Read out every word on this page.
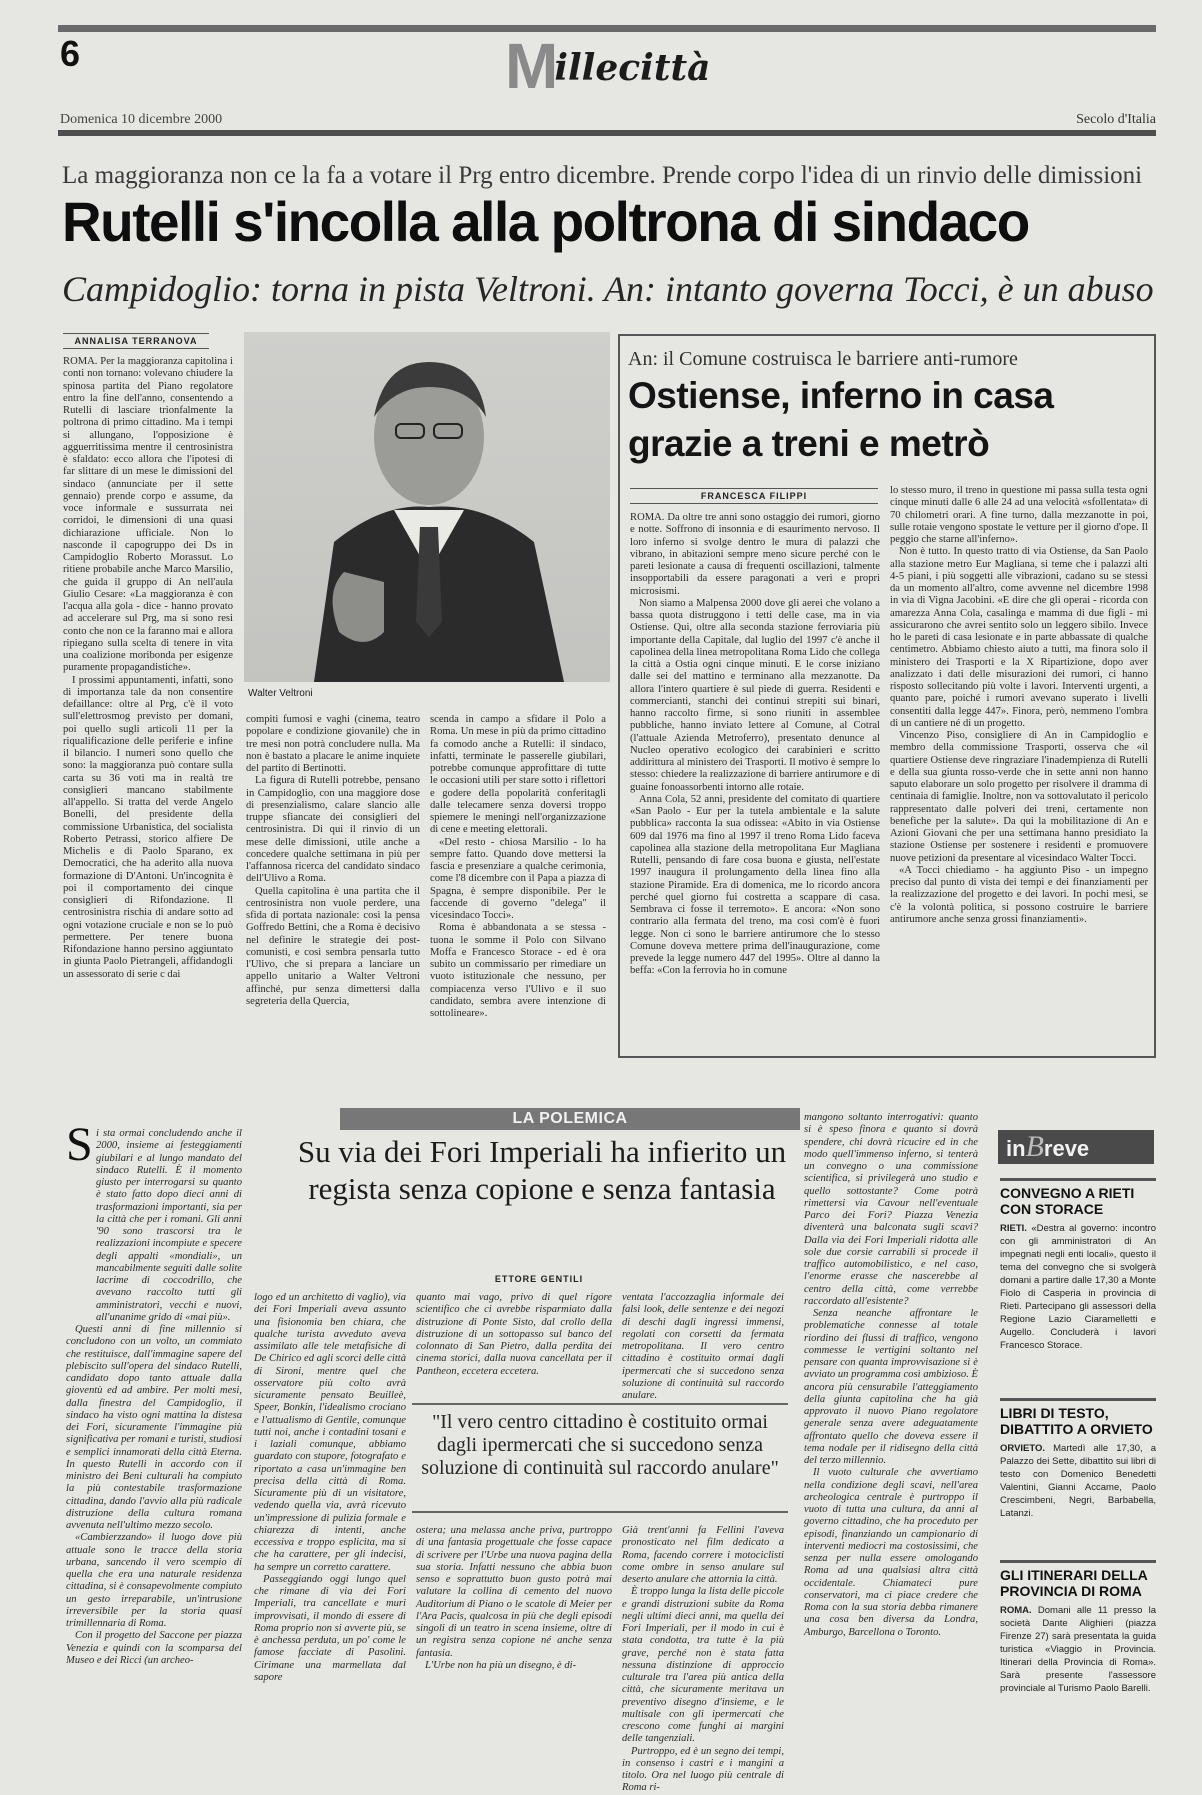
6	Millecittà
Domenica 10 dicembre 2000	Secolo d'Italia
La maggioranza non ce la fa a votare il Prg entro dicembre. Prende corpo l'idea di un rinvio delle dimissioni
Rutelli s'incolla alla poltrona di sindaco
Campidoglio: torna in pista Veltroni. An: intanto governa Tocci, è un abuso
ANNALISA TERRANOVA

ROMA. Per la maggioranza capitolina i conti non tornano: volevano chiudere la spinosa partita del Piano regolatore entro la fine dell'anno, consentendo a Rutelli di lasciare trionfalmente la poltrona di primo cittadino. Ma i tempi si allungano, l'opposizione è agguerritissima mentre il centrosinistra è sfaldato: ecco allora che l'ipotesi di far slittare di un mese le dimissioni del sindaco (annunciate per il sette gennaio) prende corpo e assume, da voce informale e sussurrata nei corridoi, le dimensioni di una quasi dichiarazione ufficiale. Non lo nasconde il capogruppo dei Ds in Campidoglio Roberto Morassut. Lo ritiene probabile anche Marco Marsilio, che guida il gruppo di An nell'aula Giulio Cesare: «La maggioranza è con l'acqua alla gola - dice - hanno provato ad accelerare sul Prg, ma si sono resi conto che non ce la faranno mai e allora ripiegano sulla scelta di tenere in vita una coalizione moribonda per esigenze puramente propagandistiche».

I prossimi appuntamenti, infatti, sono di importanza tale da non consentire defaillance: oltre al Prg, c'è il voto sull'elettrosmog previsto per domani, poi quello sugli articoli 11 per la riqualificazione delle periferie e infine il bilancio. I numeri sono quello che sono: la maggioranza può contare sulla carta su 36 voti ma in realtà tre consiglieri mancano stabilmente all'appello. Si tratta del verde Angelo Bonelli, del presidente della commissione Urbanistica, del socialista Roberto Petrassi, storico alfiere De Michelis e di Paolo Sparano, ex Democratici, che ha aderito alla nuova formazione di D'Antoni. Un'incognita è poi il comportamento dei cinque consiglieri di Rifondazione. Il centrosinistra rischia di andare sotto ad ogni votazione cruciale e non se lo può permettere. Per tenere buona Rifondazione hanno persino aggiuntato in giunta Paolo Pietrangeli, affidandogli un assessorato di serie c dai

Walter Veltroni

compiti fumosi e vaghi (cinema, teatro popolare e condizione giovanile) che in tre mesi non potrà concludere nulla. Ma non è bastato a placare le anime inquiete del partito di Bertinotti.

La figura di Rutelli potrebbe, pensano in Campidoglio, con una maggiore dose di presenzialismo, calare slancio alle truppe sfiancate dei consiglieri del centrosinistra. Di qui il rinvio di un mese delle dimissioni, utile anche a concedere qualche settimana in più per l'affannosa ricerca del candidato sindaco dell'Ulivo a Roma.

Quella capitolina è una partita che il centrosinistra non vuole perdere, una sfida di portata nazionale: così la pensa Goffredo Bettini, che a Roma è decisivo nel definire le strategie dei post-comunisti, e così sembra pensarla tutto l'Ulivo, che si prepara a lanciare un appello unitario a Walter Veltroni affinché, pur senza dimettersi dalla segreteria della Quercia,

scenda in campo a sfidare il Polo a Roma. Un mese in più da primo cittadino fa comodo anche a Rutelli: il sindaco, infatti, terminate le passerelle giubilari, potrebbe comunque approfittare di tutte le occasioni utili per stare sotto i riflettori e godere della popolarità conferitagli dalle telecamere senza doversi troppo spiemere le meningi nell'organizzazione di cene e meeting elettorali.

«Del resto - chiosa Marsilio - lo ha sempre fatto. Quando dove mettersi la fascia e presenziare a qualche cerimonia, come l'8 dicembre con il Papa a piazza di Spagna, è sempre disponibile. Per le faccende di governo "delega" il vicesindaco Tocci».

Roma è abbandonata a se stessa - tuona le somme il Polo con Silvano Moffa e Francesco Storace - ed è ora subito un commissario per rimediare un vuoto istituzionale che nessuno, per compiacenza verso l'Ulivo e il suo candidato, sembra avere intenzione di sottolineare».

An: il Comune costruisca le barriere anti-rumore
Ostiense, inferno in casa grazie a treni e metrò
FRANCESCA FILIPPI

ROMA. Da oltre tre anni sono ostaggio dei rumori, giorno e notte. Soffrono di insonnia e di esaurimento nervoso. Il loro inferno si svolge dentro le mura di palazzi che vibrano, in abitazioni sempre meno sicure perché con le pareti lesionate a causa di frequenti oscillazioni, talmente insopportabili da essere paragonati a veri e propri microsismi.

Non siamo a Malpensa 2000 dove gli aerei che volano a bassa quota distruggono i tetti delle case, ma in via Ostiense. Qui, oltre alla seconda stazione ferroviaria più importante della Capitale, dal luglio del 1997 c'è anche il capolinea della linea metropolitana Roma Lido che collega la città a Ostia ogni cinque minuti. E le corse iniziano dalle sei del mattino e terminano alla mezzanotte. Da allora l'intero quartiere è sul piede di guerra. Residenti e commercianti, stanchi dei continui strepiti sui binari, hanno raccolto firme, si sono riuniti in assemblee pubbliche, hanno inviato lettere al Comune, al Cotral (l'attuale Azienda Metroferro), presentato denunce al Nucleo operativo ecologico dei carabinieri e scritto addirittura al ministero dei Trasporti. Il motivo è sempre lo stesso: chiedere la realizzazione di barriere antirumore e di guaine fonoassorbenti intorno alle rotaie.

Anna Cola, 52 anni, presidente del comitato di quartiere «San Paolo - Eur per la tutela ambientale e la salute pubblica» racconta la sua odissea: «Abito in via Ostiense 609 dal 1976 ma fino al 1997 il treno Roma Lido faceva capolinea alla stazione della metropolitana Eur Magliana Rutelli, pensando di fare cosa buona e giusta, nell'estate 1997 inaugura il prolungamento della linea fino alla stazione Piramide. Era di domenica, me lo ricordo ancora perché quel giorno fui costretta a scappare di casa. Sembrava ci fosse il terremoto». E ancora: «Non sono contrario alla fermata del treno, ma così com'è è fuori legge. Non ci sono le barriere antirumore che lo stesso Comune doveva mettere prima dell'inaugurazione, come prevede la legge numero 447 del 1995». Oltre al danno la beffa: «Con la ferrovia ho in comune

lo stesso muro, il treno in questione mi passa sulla testa ogni cinque minuti dalle 6 alle 24 ad una velocità «sfollentata» di 70 chilometri orari. A fine turno, dalla mezzanotte in poi, sulle rotaie vengono spostate le vetture per il giorno d'ope. Il peggio che starne all'inferno».

Non è tutto. In questo tratto di via Ostiense, da San Paolo alla stazione metro Eur Magliana, si teme che i palazzi alti 4-5 piani, i più soggetti alle vibrazioni, cadano su se stessi da un momento all'altro, come avvenne nel dicembre 1998 in via di Vigna Jacobini. «E dire che gli operai - ricorda con amarezza Anna Cola, casalinga e mamma di due figli - mi assicurarono che avrei sentito solo un leggero sibilo. Invece ho le pareti di casa lesionate e in parte abbassate di qualche centimetro. Abbiamo chiesto aiuto a tutti, ma finora solo il ministero dei Trasporti e la X Ripartizione, dopo aver analizzato i dati delle misurazioni dei rumori, ci hanno risposto sollecitando più volte i lavori. Interventi urgenti, a quanto pare, poiché i rumori avevano superato i livelli consentiti dalla legge 447». Finora, però, nemmeno l'ombra di un cantiere né di un progetto.

Vincenzo Piso, consigliere di An in Campidoglio e membro della commissione Trasporti, osserva che «il quartiere Ostiense deve ringraziare l'inadempienza di Rutelli e della sua giunta rosso-verde che in sette anni non hanno saputo elaborare un solo progetto per risolvere il dramma di centinaia di famiglie. Inoltre, non va sottovalutato il pericolo rappresentato dalle polveri dei treni, certamente non benefiche per la salute». Da qui la mobilitazione di An e Azioni Giovani che per una settimana hanno presidiato la stazione Ostiense per sostenere i residenti e promuovere nuove petizioni da presentare al vicesindaco Walter Tocci.

«A Tocci chiediamo - ha aggiunto Piso - un impegno preciso dal punto di vista dei tempi e dei finanziamenti per la realizzazione del progetto e dei lavori. In pochi mesi, se c'è la volontà politica, si possono costruire le barriere antirumore anche senza grossi finanziamenti».

LA POLEMICA
Su via dei Fori Imperiali ha infierito un regista senza copione e senza fantasia
ETTORE GENTILI
S i sta ormai concludendo anche il 2000, insieme ai festeggiamenti giubilari e al lungo mandato del sindaco Rutelli. È il momento giusto per interrogarsi su quanto è stato fatto dopo dieci anni di trasformazioni importanti, sia per la città che per i romani. Gli anni '90 sono trascorsi tra le realizzazioni incompiute e specere degli appalti «mondiali», un mancabilmente seguiti dalle solite lacrime di coccodrillo, che avevano raccolto tutti gli amministratori, vecchi e nuovi, all'unanime grido di «mai più».

Questi anni di fine millennio si concludono con un volto, un commiato che restituisce, dall'immagine sapere del plebiscito sull'opera del sindaco Rutelli, candidato dopo tanto attuale dalla gioventù ed ad ambire. Per molti mesi, dalla finestra del Campidoglio, il sindaco ha visto ogni mattina la distesa dei Fori, sicuramente l'immagine più significativa per romani e turisti, studiosi e semplici innamorati della città Eterna. In questo Rutelli in accordo con il ministro dei Beni culturali ha compiuto la più contestabile trasformazione cittadina, dando l'avvio alla più radicale distruzione della cultura romana avvenuta nell'ultimo mezzo secolo.

«Cambierzzando» il luogo dove più attuale sono le tracce della storia urbana, sancendo il vero scempio di quella che era una naturale residenza cittadina, si è consapevolmente compiuto un gesto irreparabile, un'intrusione irreversibile per la storia quasi trimillennaria di Roma.

Con il progetto del Saccone per piazza Venezia e quindi con la scomparsa del Museo e dei Ricci (un archeo-

logo ed un architetto di vaglio), via dei Fori Imperiali aveva assunto una fisionomia ben chiara, che qualche turista avveduto aveva assimilato alle tele metafisiche di De Chirico ed agli scorci delle città di Sironi, mentre quel che osservatore più colto avrà sicuramente pensato Beuilleè, Speer, Bonkin, l'idealismo crociano e l'attualismo di Gentile, comunque tutti noi, anche i contadini tosani e i laziali comunque, abbiamo guardato con stupore, fotografato e riportato a casa un'immagine ben precisa della città di Roma. Sicuramente più di un visitatore, vedendo quella via, avrà ricevuto un'impressione di pulizia formale e chiarezza di intenti, anche eccessiva e troppo esplicita, ma si che ha carattere, per gli indecisi, ha sempre un corretto carattere.

Passeggiando oggi lungo quel che rimane di via dei Fori Imperiali, tra cancellate e muri improvvisati, il mondo di essere di Roma proprio non si avverte più, se è anchessa perduta, un po' come le famose facciate di Pasolini. Cirimane una marmellata dal sapore

quanto mai vago, privo di quel rigore scientifico che ci avrebbe risparmiato dalla distruzione di Ponte Sisto, dal crollo della distruzione di un sottopasso sul banco del colonnato di San Pietro, dalla perdita dei cinema storici, dalla nuova cancellata per il Pantheon, eccetera eccetera.

ventata l'accozzaglia informale dei falsi look, delle sentenze e dei negozi di deschi dagli ingressi immensi, regolati con corsetti da fermata metropolitana. Il vero centro cittadino è costituito ormai dagli ipermercati che si succedono senza soluzione di continuità sul raccordo anulare.

"Il vero centro cittadino è costituito ormai dagli ipermercati che si succedono senza soluzione di continuità sul raccordo anulare"

ostera; una melassa anche priva, purtroppo di una fantasia progettuale che fosse capace di scrivere per l'Urbe una nuova pagina della sua storia. Infatti nessuno che abbia buon senso e soprattutto buon gusto potrà mai valutare la collina di cemento del nuovo Auditorium di Piano o le scatole di Meier per l'Ara Pacis, qualcosa in più che degli episodi singoli di un teatro in scena insieme, oltre di un registra senza copione né anche senza fantasia.

L'Urbe non ha più un disegno, è di-

Già trent'anni fa Fellini l'aveva pronosticato nel film dedicato a Roma, facendo correre i motociclisti come ombre in senso anulare sul deserto anulare che attornia la città.

È troppo lunga la lista delle piccole e grandi distruzioni subite da Roma negli ultimi dieci anni, ma quella dei Fori Imperiali, per il modo in cui è stata condotta, tra tutte è la più grave, perché non è stata fatta nessuna distinzione di approccio culturale tra l'area più antica della città, che sicuramente meritava un preventivo disegno d'insieme, e le multisale con gli ipermercati che crescono come funghi ai margini delle tangenziali.

Purtroppo, ed è un segno dei tempi, in consenso i castri e i mangini a titolo. Ora nel luogo più centrale di Roma ri-

mangono soltanto interrogativi: quanto si è speso finora e quanto si dovrà spendere, chi dovrà ricucire ed in che modo quell'immenso inferno, si tenterà un convegno o una commissione scientifica, si privilegerà uno studio e quello sottostante? Come potrà rimettersi via Cavour nell'eventuale Parco dei Fori? Piazza Venezia diventerà una balconata sugli scavi? Dalla via dei Fori Imperiali ridotta alle sole due corsie carrabili si procede il traffico automobilistico, e nel caso, l'enorme erasse che nascerebbe al centro della città, come verrebbe raccordato all'esistente?

Senza neanche affrontare le problematiche connesse al totale riordino dei flussi di traffico, vengono commesse le vertigini soltanto nel pensare con quanta improvvisazione si è avviato un programma così ambizioso. È ancora più censurabile l'atteggiamento della giunta capitolina che ha già approvato il nuovo Piano regolatore generale senza avere adeguatamente affrontato quello che doveva essere il tema nodale per il ridisegno della città del terzo millennio.

Il vuoto culturale che avvertiamo nella condizione degli scavi, nell'area archeologica centrale è purtroppo il vuoto di tutta una cultura, da anni al governo cittadino, che ha proceduto per episodi, finanziando un campionario di interventi mediocri ma costosissimi, che senza per nulla essere omologando Roma ad una qualsiasi altra città occidentale. Chiamateci pure conservatori, ma ci piace credere che Roma con la sua storia debba rimanere una cosa ben diversa da Londra, Amburgo, Barcellona o Toronto.

inBreve
CONVEGNO A RIETI CON STORACE
RIETI. «Destra al governo: incontro con gli amministratori di An impegnati negli enti locali», questo il tema del convegno che si svolgerà domani a partire dalle 17,30 a Monte Fiolo di Casperia in provincia di Rieti. Partecipano gli assessori della Regione Lazio Ciaramelletti e Augello. Concluderà i lavori Francesco Storace.
LIBRI DI TESTO, DIBATTITO A ORVIETO
ORVIETO. Martedì alle 17,30, a Palazzo dei Sette, dibattito sui libri di testo con Domenico Benedetti Valentini, Gianni Accame, Paolo Crescimbeni, Negri, Barbabella, Latanzi.
GLI ITINERARI DELLA PROVINCIA DI ROMA
ROMA. Domani alle 11 presso la società Dante Alighieri (piazza Firenze 27) sarà presentata la guida turistica «Viaggio in Provincia. Itinerari della Provincia di Roma». Sarà presente l'assessore provinciale al Turismo Paolo Barelli.
